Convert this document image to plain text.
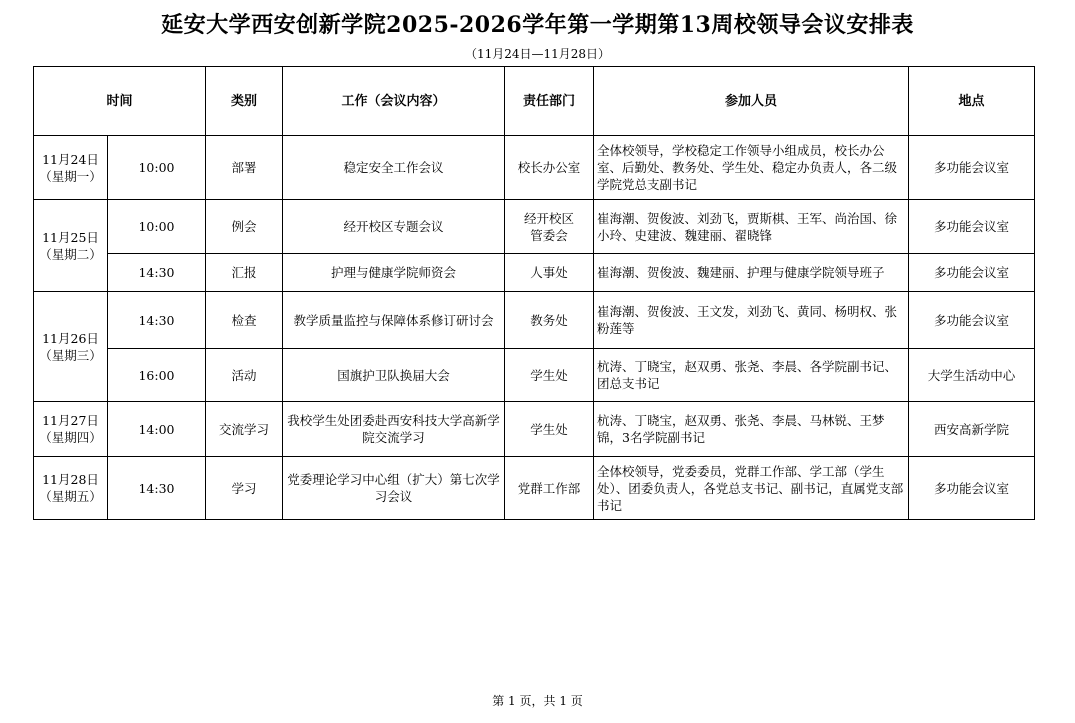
延安大学西安创新学院2025-2026学年第一学期第13周校领导会议安排表
（11月24日—11月28日）
时间		类别	工作（会议内容）	责任部门	参加人员	地点

11月24日
（星期一）	10:00	部署	稳定安全工作会议	校长办公室	全体校领导，学校稳定工作领导小组成员，校长办公室、后勤处、教务处、学生处、稳定办负责人，各二级学院党总支副书记	多功能会议室

11月25日
（星期二）	10:00	例会	经开校区专题会议	经开校区管委会	崔海潮、贺俊波、刘劲飞，贾斯棋、王军、尚治国、徐小玲、史建波、魏建丽、翟晓锋	多功能会议室
	14:30	汇报	护理与健康学院师资会	人事处	崔海潮、贺俊波、魏建丽、护理与健康学院领导班子	多功能会议室

11月26日
（星期三）	14:30	检查	教学质量监控与保障体系修订研讨会	教务处	崔海潮、贺俊波、王文发，刘劲飞、黄同、杨明权、张粉莲等	多功能会议室
	16:00	活动	国旗护卫队换届大会	学生处	杭涛、丁晓宝，赵双勇、张尧、李晨、各学院副书记、团总支书记	大学生活动中心

11月27日
（星期四）	14:00	交流学习	我校学生处团委赴西安科技大学高新学院交流学习	学生处	杭涛、丁晓宝，赵双勇、张尧、李晨、马林锐、王梦锦，3名学院副书记	西安高新学院

11月28日
（星期五）	14:30	学习	党委理论学习中心组（扩大）第七次学习会议	党群工作部	全体校领导，党委委员，党群工作部、学工部（学生处）、团委负责人，各党总支书记、副书记，直属党支部书记	多功能会议室
第 1 页，共 1 页
